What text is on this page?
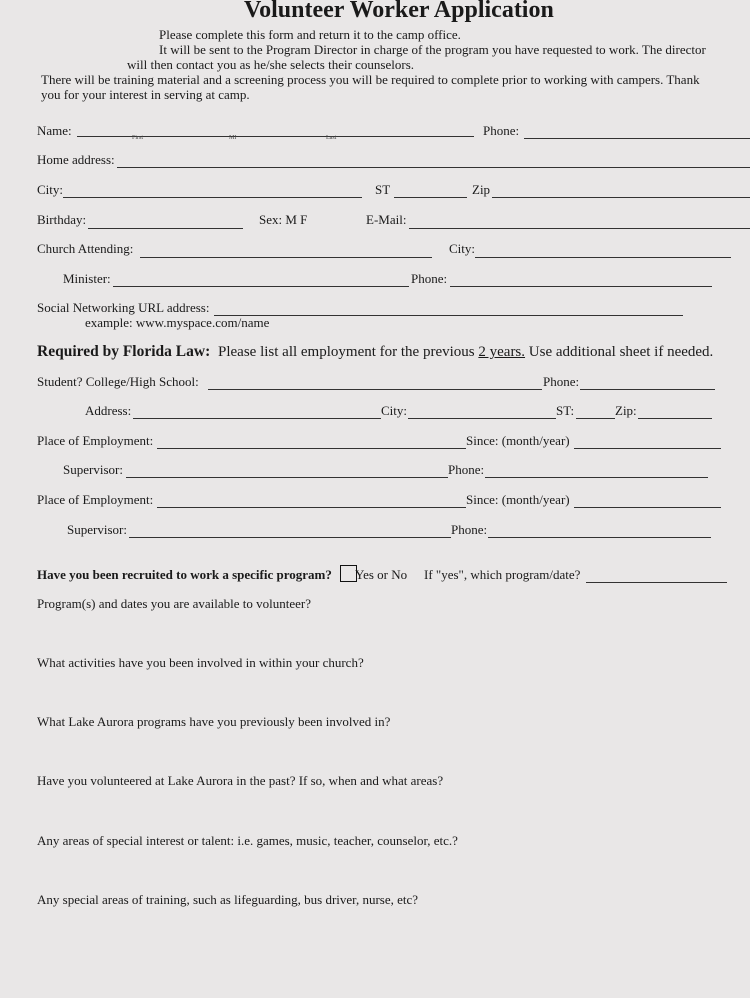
Volunteer Worker Application
Please complete this form and return it to the camp office.
It will be sent to the Program Director in charge of the program you have requested to work. The director
will then contact you as he/she selects their counselors.
There will be training material and a screening process you will be required to complete prior to working with campers. Thank
you for your interest in serving at camp.
Name:	First	MI	Last	Phone:
Home address:
City:	ST	Zip
Birthday:	Sex: M F	E-Mail:
Church Attending:	City:
Minister:	Phone:
Social Networking URL address:
example: www.myspace.com/name
Required by Florida Law: Please list all employment for the previous 2 years. Use additional sheet if needed.
Student? College/High School:	Phone:
Address:	City:	ST:	Zip:
Place of Employment:	Since: (month/year)
Supervisor:	Phone:
Place of Employment:	Since: (month/year)
Supervisor:	Phone:
Have you been recruited to work a specific program? Yes or No If "yes", which program/date?
Program(s) and dates you are available to volunteer?
What activities have you been involved in within your church?
What Lake Aurora programs have you previously been involved in?
Have you volunteered at Lake Aurora in the past? If so, when and what areas?
Any areas of special interest or talent: i.e. games, music, teacher, counselor, etc.?
Any special areas of training, such as lifeguarding, bus driver, nurse, etc?
